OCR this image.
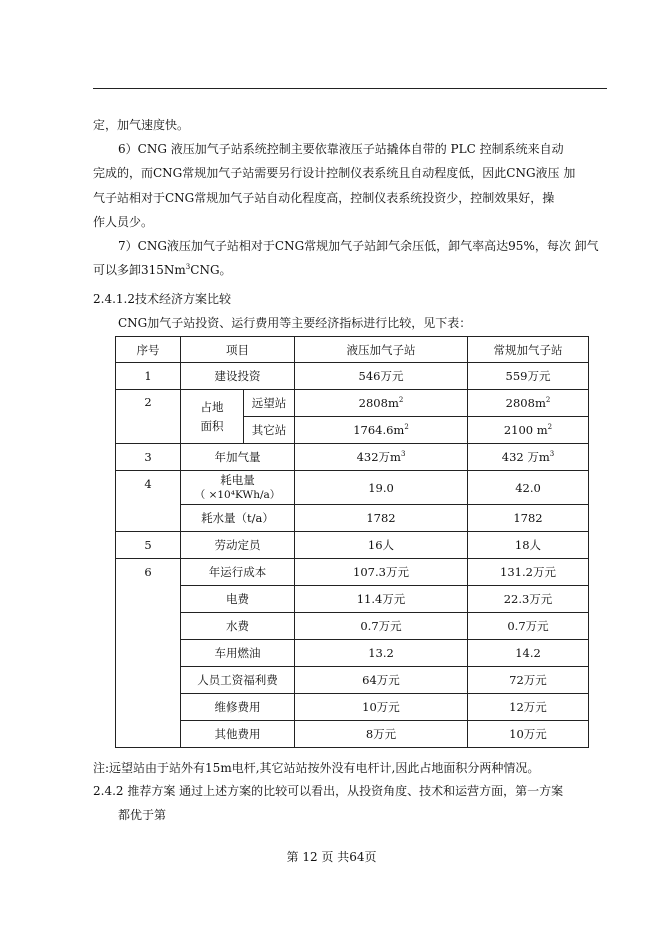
定，加气速度快。
6）CNG 液压加气子站系统控制主要依靠液压子站撬体自带的 PLC 控制系统来自动
完成的，而CNG常规加气子站需要另行设计控制仪表系统且自动程度低，因此CNG液压 加
气子站相对于CNG常规加气子站自动化程度高，控制仪表系统投资少，控制效果好，操
作人员少。
7）CNG液压加气子站相对于CNG常规加气子站卸气余压低，卸气率高达95%，每次 卸气
可以多卸315Nm$^3$CNG。
2.4.1.2技术经济方案比较
CNG加气子站投资、运行费用等主要经济指标进行比较，见下表：
序号	项目		液压加气子站	常规加气子站
1	建设投资		546万元	559万元
2	占地
面积	远望站	$2808m^2$	$2808m^2$
		其它站	$1764.6m^2$	2100 $m^2$
3	年加气量		432万$m^3$	432 万$m^3$
4	耗电量
（ ×10⁴KWh/a）		19.0	42.0
	耗水量（t/a）		1782	1782
5	劳动定员		16人	18人
6	年运行成本		107.3万元	131.2万元
	电费		11.4万元	22.3万元
	水费		0.7万元	0.7万元
	车用燃油		13.2	14.2
	人员工资福利费		64万元	72万元
	维修费用		10万元	12万元
	其他费用		8万元	10万元
注:远望站由于站外有15m电杆,其它站站按外没有电杆计,因此占地面积分两种情况。
2.4.2 推荐方案 通过上述方案的比较可以看出，从投资角度、技术和运营方面，第一方案
都优于第
第 12 页 共64页
